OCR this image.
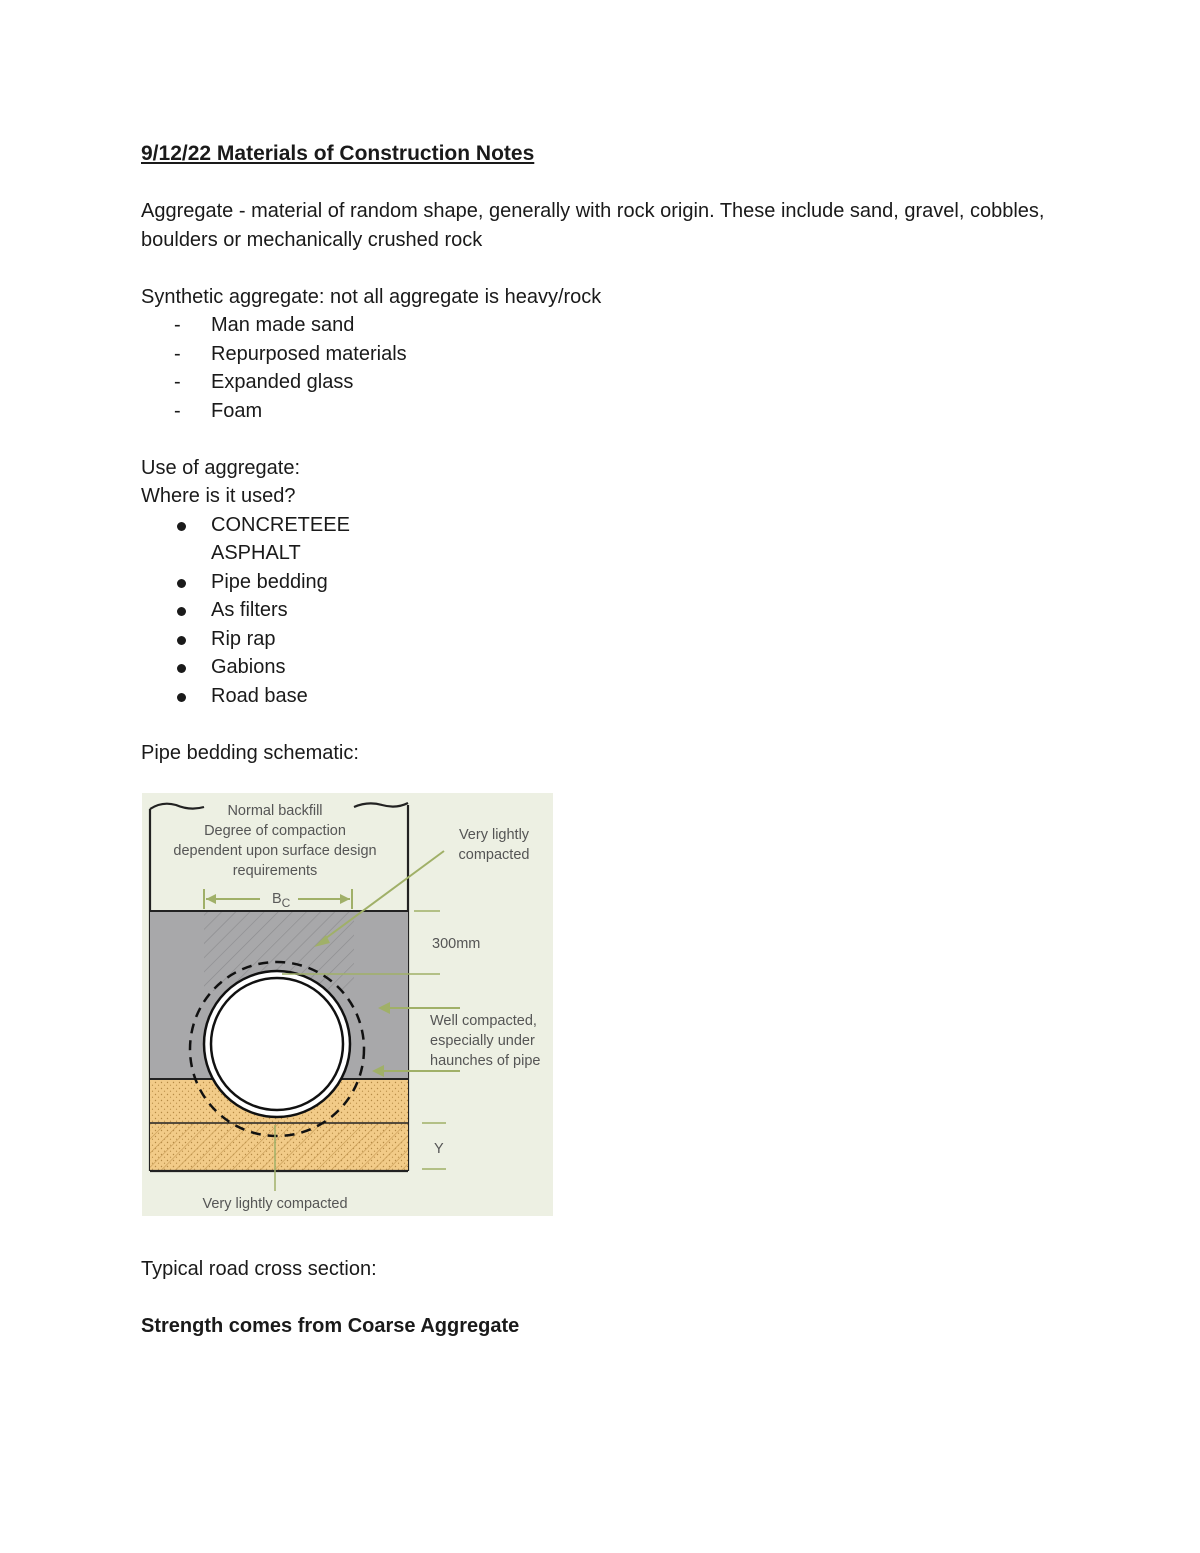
9/12/22 Materials of Construction Notes

Aggregate - material of random shape, generally with rock origin. These include sand, gravel, cobbles, boulders or mechanically crushed rock

Synthetic aggregate: not all aggregate is heavy/rock

- Man made sand
- Repurposed materials
- Expanded glass
- Foam

Use of aggregate:

Where is it used?

CONCRETEEE
ASPHALT
Pipe bedding
As filters
Rip rap
Gabions
Road base

Pipe bedding schematic:

$B_C$
Normal backfill
Degree of compaction
dependent upon surface design
requirements
Very lightly
compacted
300mm
Well compacted,
especially under
haunches of pipe
Y
Very lightly compacted

Typical road cross section:

Strength comes from Coarse Aggregate
